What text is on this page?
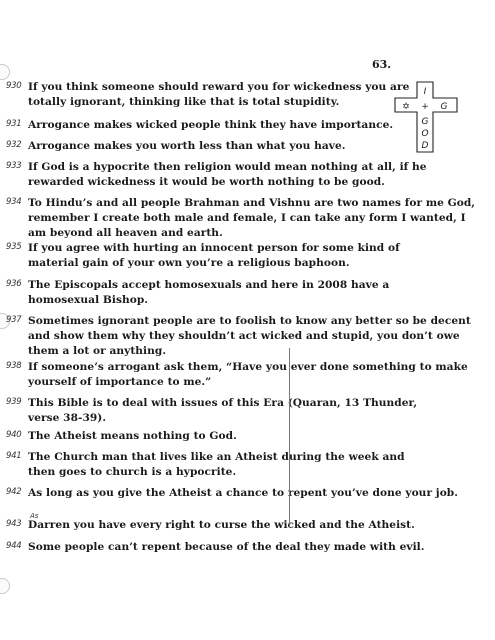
63.
✡
I
+ G
G
O
D
930 If you think someone should reward you for wickedness you are totally ignorant, thinking like that is total stupidity.
931 Arrogance makes wicked people think they have importance.
932 Arrogance makes you worth less than what you have.
933 If God is a hypocrite then religion would mean nothing at all, if he rewarded wickedness it would be worth nothing to be good.
934 To Hindu’s and all people Brahman and Vishnu are two names for me God, remember I create both male and female, I can take any form I wanted, I am beyond all heaven and earth.
935 If you agree with hurting an innocent person for some kind of material gain of your own you’re a religious baphoon.
936 The Episcopals accept homosexuals and here in 2008 have a homosexual Bishop.
937 Sometimes ignorant people are to foolish to know any better so be decent and show them why they shouldn’t act wicked and stupid, you don’t owe them a lot or anything.
938 If someone’s arrogant ask them, “Have you ever done something to make yourself of importance to me.”
939 This Bible is to deal with issues of this Era (Quaran, 13 Thunder, verse 38-39).
940 The Atheist means nothing to God.
941 The Church man that lives like an Atheist during the week and then goes to church is a hypocrite.
942 As long as you give the Atheist a chance to repent you’ve done your job.
As
943 Darren you have every right to curse the wicked and the Atheist.
944 Some people can’t repent because of the deal they made with evil.
